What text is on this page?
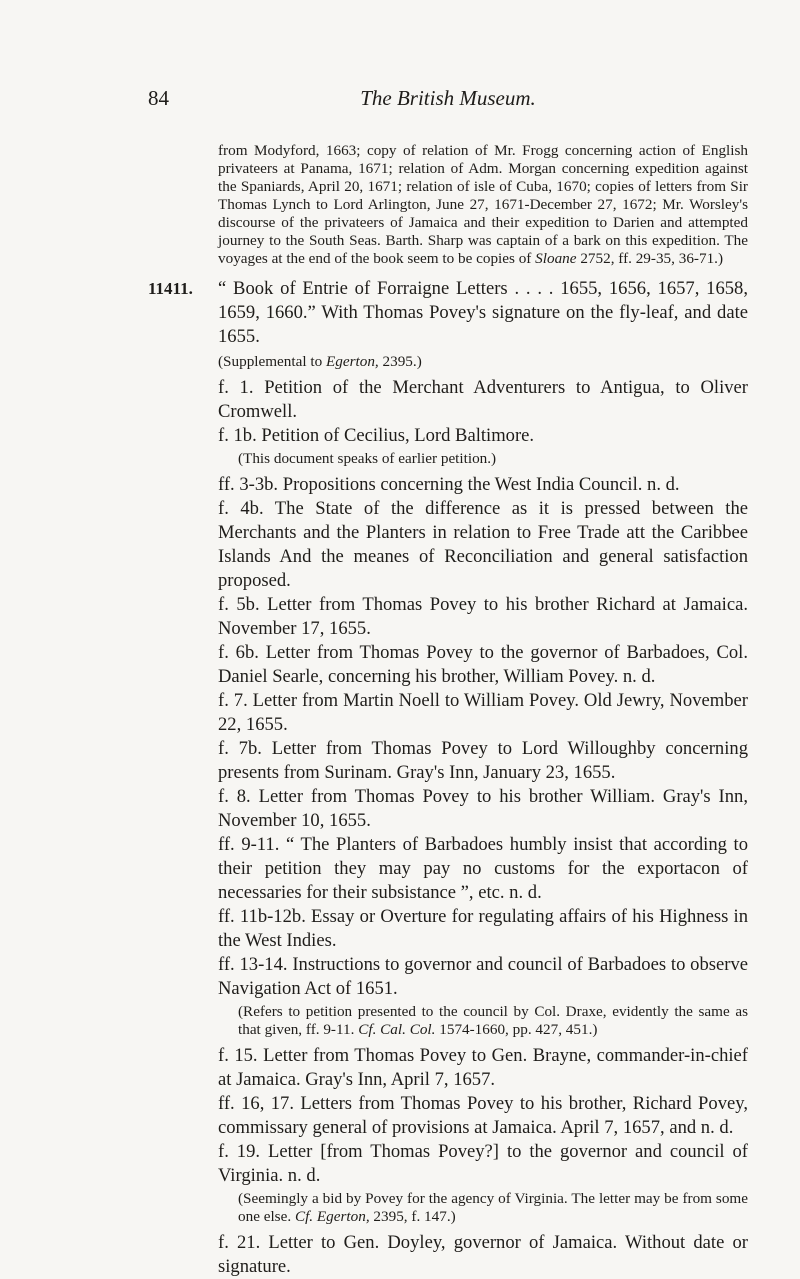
84	The British Museum.

from Modyford, 1663; copy of relation of Mr. Frogg concerning action of English privateers at Panama, 1671; relation of Adm. Morgan concerning expedition against the Spaniards, April 20, 1671; relation of isle of Cuba, 1670; copies of letters from Sir Thomas Lynch to Lord Arlington, June 27, 1671-December 27, 1672; Mr. Worsley's discourse of the privateers of Jamaica and their expedition to Darien and attempted journey to the South Seas. Barth. Sharp was captain of a bark on this expedition. The voyages at the end of the book seem to be copies of Sloane 2752, ff. 29-35, 36-71.)

11411. “ Book of Entrie of Forraigne Letters . . . . 1655, 1656, 1657, 1658, 1659, 1660.” With Thomas Povey's signature on the fly-leaf, and date 1655.

(Supplemental to Egerton, 2395.)

f. 1. Petition of the Merchant Adventurers to Antigua, to Oliver Cromwell.

f. 1b. Petition of Cecilius, Lord Baltimore.

(This document speaks of earlier petition.)

ff. 3-3b. Propositions concerning the West India Council. n. d.

f. 4b. The State of the difference as it is pressed between the Merchants and the Planters in relation to Free Trade att the Caribbee Islands And the meanes of Reconciliation and general satisfaction proposed.

f. 5b. Letter from Thomas Povey to his brother Richard at Jamaica. November 17, 1655.

f. 6b. Letter from Thomas Povey to the governor of Barbadoes, Col. Daniel Searle, concerning his brother, William Povey. n. d.

f. 7. Letter from Martin Noell to William Povey. Old Jewry, November 22, 1655.

f. 7b. Letter from Thomas Povey to Lord Willoughby concerning presents from Surinam. Gray's Inn, January 23, 1655.

f. 8. Letter from Thomas Povey to his brother William. Gray's Inn, November 10, 1655.

ff. 9-11. “ The Planters of Barbadoes humbly insist that according to their petition they may pay no customs for the exportacon of necessaries for their subsistance ”, etc. n. d.

ff. 11b-12b. Essay or Overture for regulating affairs of his Highness in the West Indies.

ff. 13-14. Instructions to governor and council of Barbadoes to observe Navigation Act of 1651.

(Refers to petition presented to the council by Col. Draxe, evidently the same as that given, ff. 9-11. Cf. Cal. Col. 1574-1660, pp. 427, 451.)

f. 15. Letter from Thomas Povey to Gen. Brayne, commander-in-chief at Jamaica. Gray's Inn, April 7, 1657.

ff. 16, 17. Letters from Thomas Povey to his brother, Richard Povey, commissary general of provisions at Jamaica. April 7, 1657, and n. d.

f. 19. Letter [from Thomas Povey?] to the governor and council of Virginia. n. d.

(Seemingly a bid by Povey for the agency of Virginia. The letter may be from some one else. Cf. Egerton, 2395, f. 147.)

f. 21. Letter to Gen. Doyley, governor of Jamaica. Without date or signature.
